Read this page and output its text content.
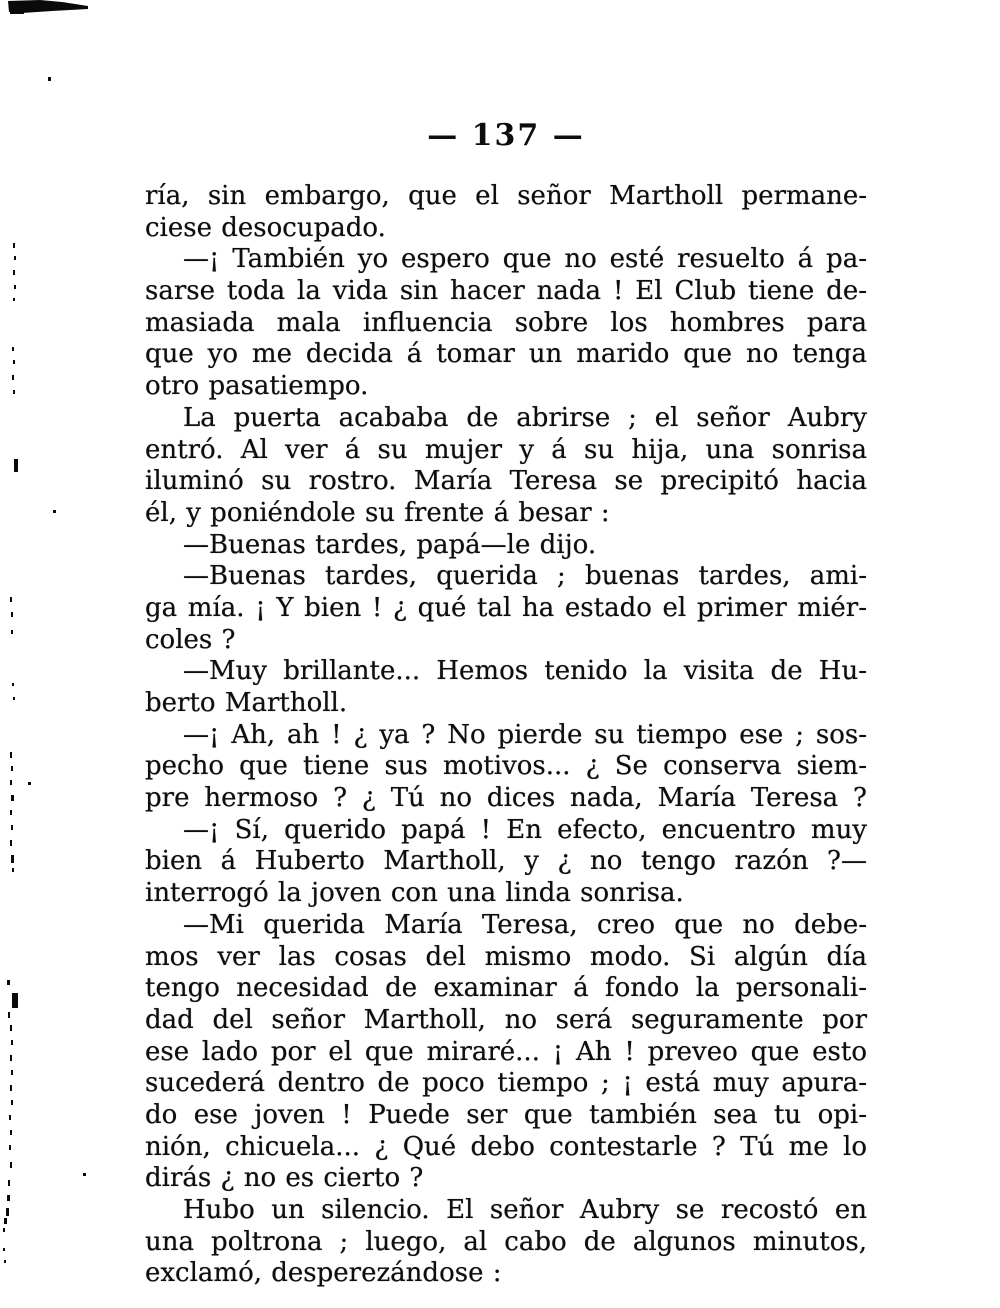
— 137 —
ría, sin embargo, que el señor Martholl permane-
ciese desocupado.
—¡ También yo espero que no esté resuelto á pa-
sarse toda la vida sin hacer nada ! El Club tiene de-
masiada mala influencia sobre los hombres para
que yo me decida á tomar un marido que no tenga
otro pasatiempo.
La puerta acababa de abrirse ; el señor Aubry
entró. Al ver á su mujer y á su hija, una sonrisa
iluminó su rostro. María Teresa se precipitó hacia
él, y poniéndole su frente á besar :
—Buenas tardes, papá—le dijo.
—Buenas tardes, querida ; buenas tardes, ami-
ga mía. ¡ Y bien ! ¿ qué tal ha estado el primer miér-
coles ?
—Muy brillante... Hemos tenido la visita de Hu-
berto Martholl.
—¡ Ah, ah ! ¿ ya ? No pierde su tiempo ese ; sos-
pecho que tiene sus motivos... ¿ Se conserva siem-
pre hermoso ? ¿ Tú no dices nada, María Teresa ?
—¡ Sí, querido papá ! En efecto, encuentro muy
bien á Huberto Martholl, y ¿ no tengo razón ?—
interrogó la joven con una linda sonrisa.
—Mi querida María Teresa, creo que no debe-
mos ver las cosas del mismo modo. Si algún día
tengo necesidad de examinar á fondo la personali-
dad del señor Martholl, no será seguramente por
ese lado por el que miraré... ¡ Ah ! preveo que esto
sucederá dentro de poco tiempo ; ¡ está muy apura-
do ese joven ! Puede ser que también sea tu opi-
nión, chicuela... ¿ Qué debo contestarle ? Tú me lo
dirás ¿ no es cierto ?
Hubo un silencio. El señor Aubry se recostó en
una poltrona ; luego, al cabo de algunos minutos,
exclamó, desperezándose :
